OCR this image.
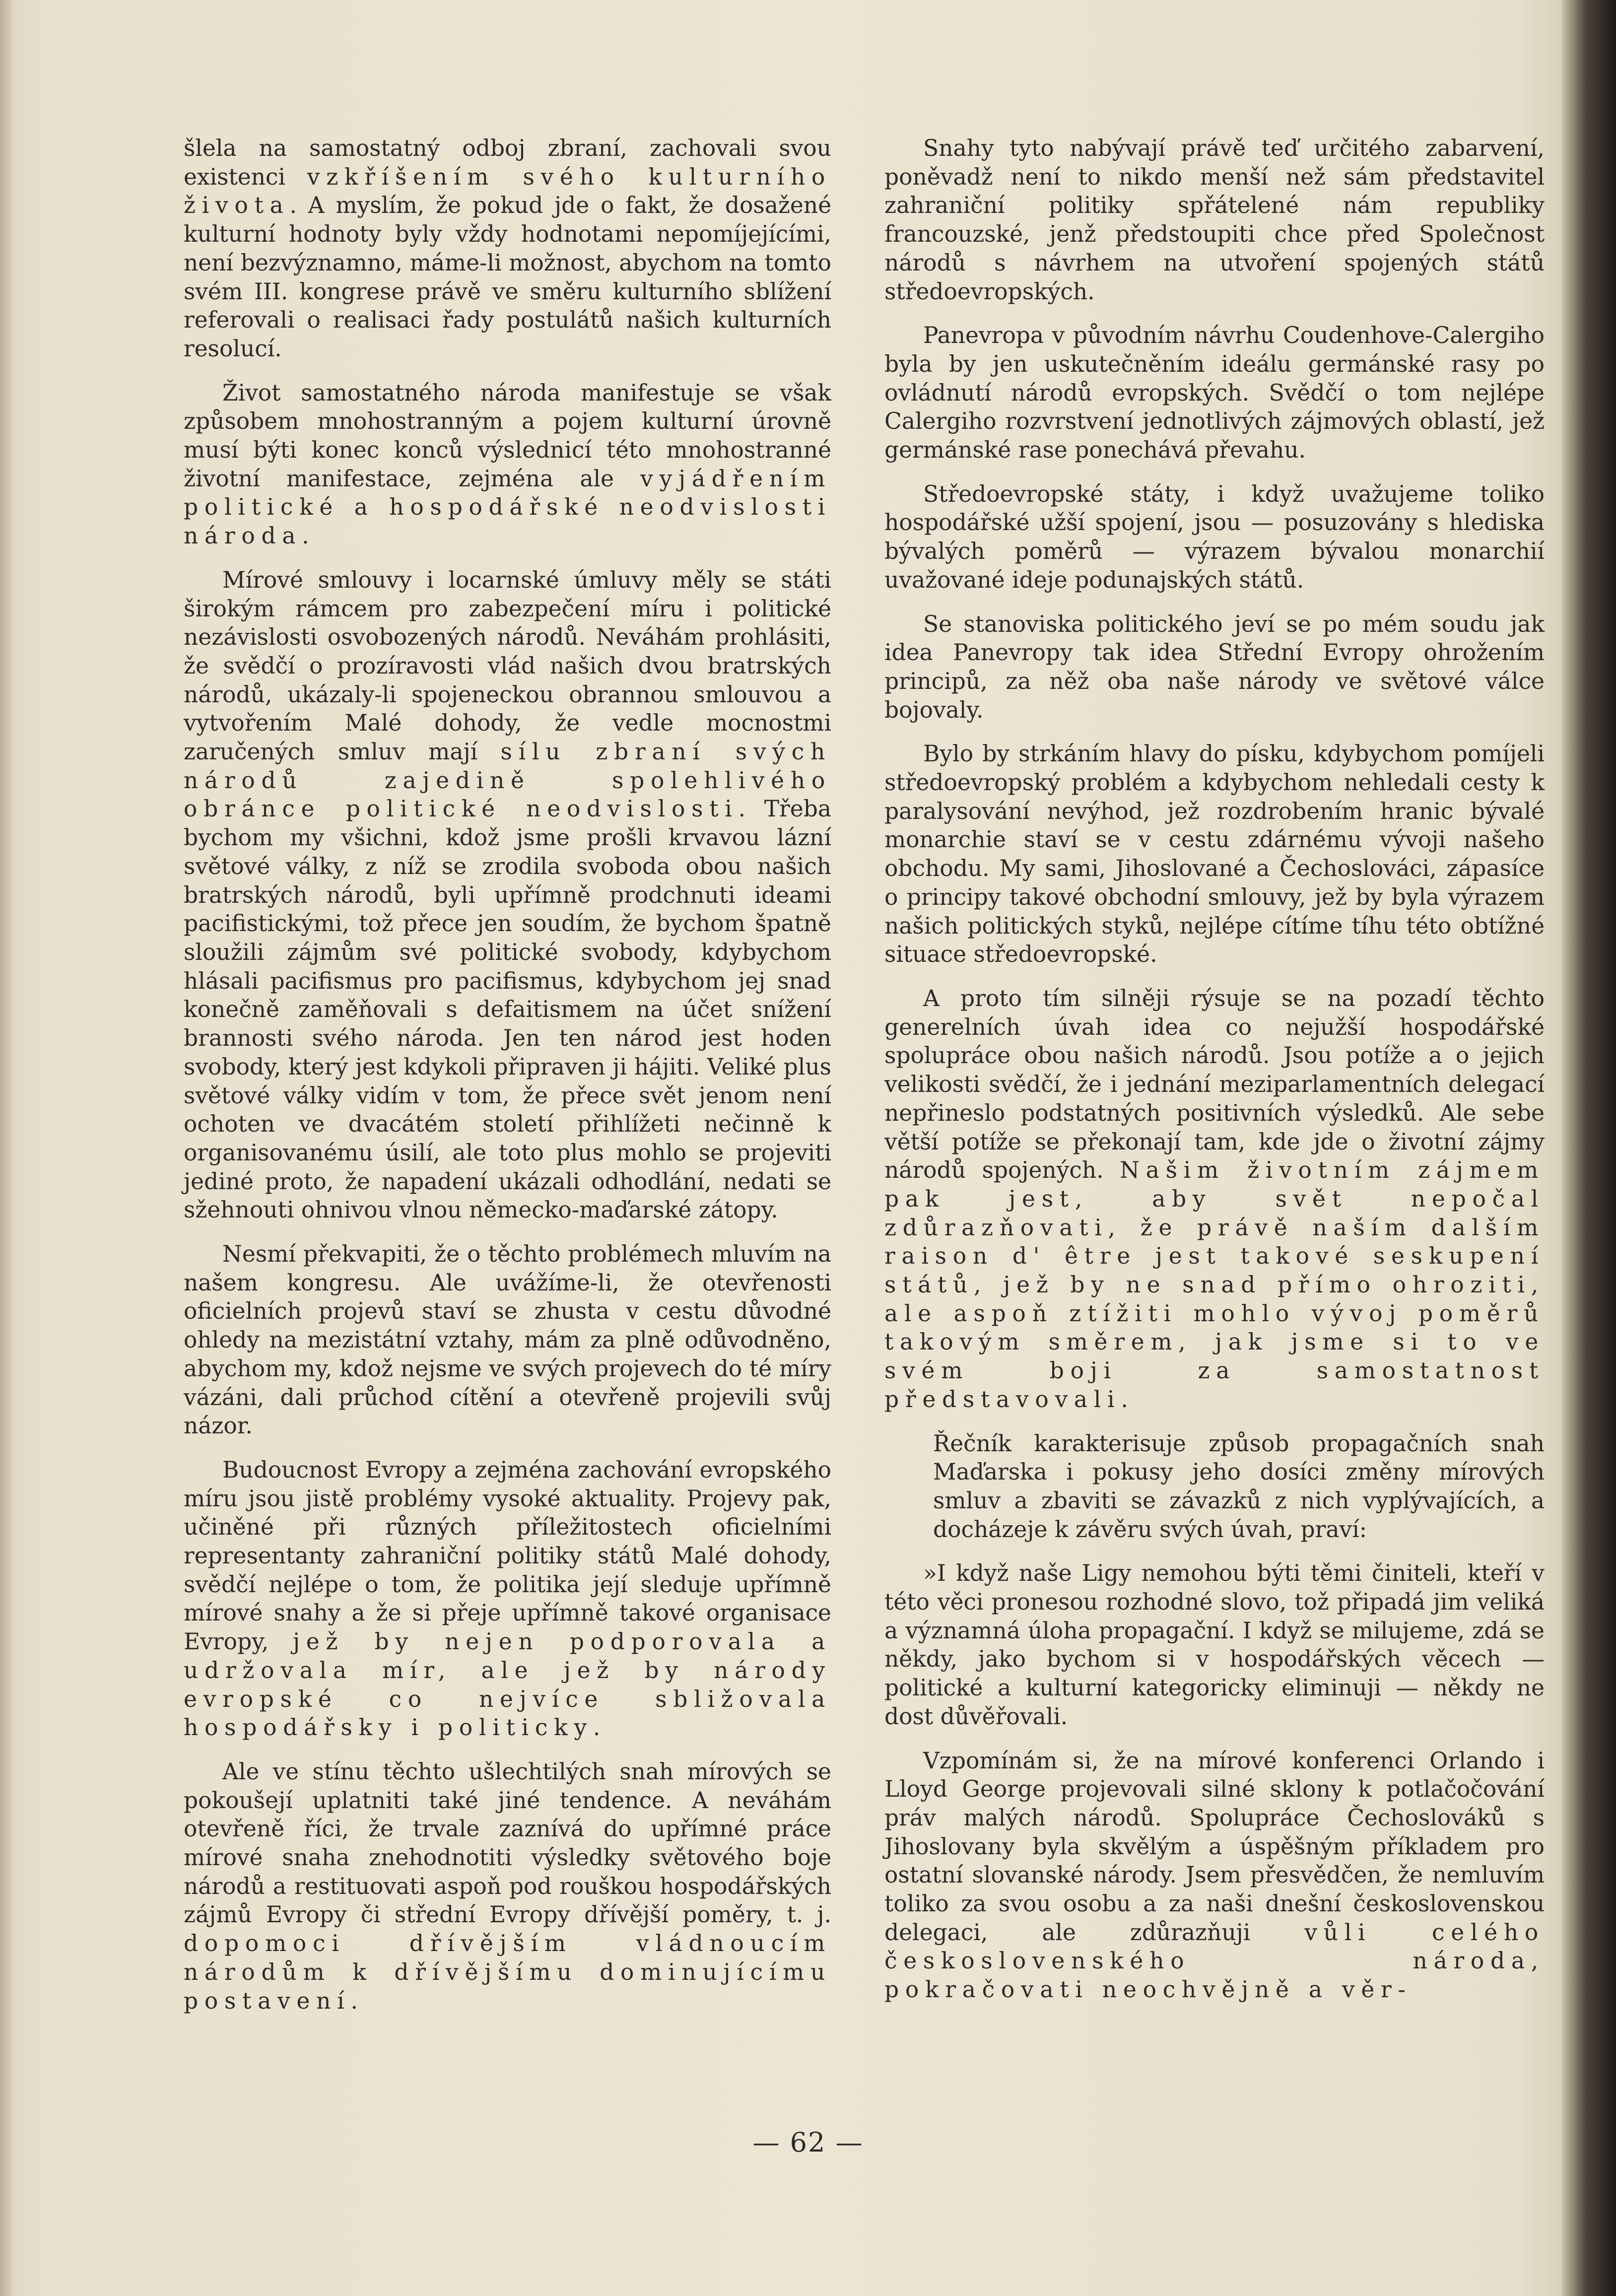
šlela na samostatný odboj zbraní, zachovali svou existenci vzkříšením svého kulturního života. A myslím, že pokud jde o fakt, že dosažené kulturní hodnoty byly vždy hodnotami nepomíjejícími, není bezvýznamno, máme-li možnost, abychom na tomto svém III. kongrese právě ve směru kulturního sblížení referovali o realisaci řady postulátů našich kulturních resolucí.

Život samostatného národa manifestuje se však způsobem mnohostranným a pojem kulturní úrovně musí býti konec konců výslednicí této mnohostranné životní manifestace, zejména ale vyjádřením politické a hospodářské neodvislosti národa.

Mírové smlouvy i locarnské úmluvy měly se státi širokým rámcem pro zabezpečení míru i politické nezávislosti osvobozených národů. Neváhám prohlásiti, že svědčí o prozíravosti vlád našich dvou bratrských národů, ukázaly-li spojeneckou obrannou smlouvou a vytvořením Malé dohody, že vedle mocnostmi zaručených smluv mají sílu zbraní svých národů zajedině spolehlivého obránce politické neodvislosti. Třeba bychom my všichni, kdož jsme prošli krvavou lázní světové války, z níž se zrodila svoboda obou našich bratrských národů, byli upřímně prodchnuti ideami pacifistickými, tož přece jen soudím, že bychom špatně sloužili zájmům své politické svobody, kdybychom hlásali pacifismus pro pacifismus, kdybychom jej snad konečně zaměňovali s defaitismem na účet snížení brannosti svého národa. Jen ten národ jest hoden svobody, který jest kdykoli připraven ji hájiti. Veliké plus světové války vidím v tom, že přece svět jenom není ochoten ve dvacátém století přihlížeti nečinně k organisovanému úsilí, ale toto plus mohlo se projeviti jediné proto, že napadení ukázali odhodlání, nedati se sžehnouti ohnivou vlnou německo-maďarské zátopy.

Nesmí překvapiti, že o těchto problémech mluvím na našem kongresu. Ale uvážíme-li, že otevřenosti oficielních projevů staví se zhusta v cestu důvodné ohledy na mezistátní vztahy, mám za plně odůvodněno, abychom my, kdož nejsme ve svých projevech do té míry vázáni, dali průchod cítění a otevřeně projevili svůj názor.

Budoucnost Evropy a zejména zachování evropského míru jsou jistě problémy vysoké aktuality. Projevy pak, učiněné při různých příležitostech oficielními representanty zahraniční politiky států Malé dohody, svědčí nejlépe o tom, že politika její sleduje upřímně mírové snahy a že si přeje upřímně takové organisace Evropy, jež by nejen podporovala a udržovala mír, ale jež by národy evropské co nejvíce sbližovala hospodářsky i politicky.

Ale ve stínu těchto ušlechtilých snah mírových se pokoušejí uplatniti také jiné tendence. A neváhám otevřeně říci, že trvale zaznívá do upřímné práce mírové snaha znehodnotiti výsledky světového boje národů a restituovati aspoň pod rouškou hospodářských zájmů Evropy či střední Evropy dřívější poměry, t. j. dopomoci dřívějším vládnoucím národům k dřívějšímu dominujícímu postavení.

Snahy tyto nabývají právě teď určitého zabarvení, poněvadž není to nikdo menší než sám představitel zahraniční politiky spřátelené nám republiky francouzské, jenž předstoupiti chce před Společnost národů s návrhem na utvoření spojených států středoevropských.

Panevropa v původním návrhu Coudenhove-Calergiho byla by jen uskutečněním ideálu germánské rasy po ovládnutí národů evropských. Svědčí o tom nejlépe Calergiho rozvrstvení jednotlivých zájmových oblastí, jež germánské rase ponechává převahu.

Středoevropské státy, i když uvažujeme toliko hospodářské užší spojení, jsou — posuzovány s hlediska bývalých poměrů — výrazem bývalou monarchií uvažované ideje podunajských států.

Se stanoviska politického jeví se po mém soudu jak idea Panevropy tak idea Střední Evropy ohrožením principů, za něž oba naše národy ve světové válce bojovaly.

Bylo by strkáním hlavy do písku, kdybychom pomíjeli středoevropský problém a kdybychom nehledali cesty k paralysování nevýhod, jež rozdrobením hranic bývalé monarchie staví se v cestu zdárnému vývoji našeho obchodu. My sami, Jihoslované a Čechoslováci, zápasíce o principy takové obchodní smlouvy, jež by byla výrazem našich politických styků, nejlépe cítíme tíhu této obtížné situace středoevropské.

A proto tím silněji rýsuje se na pozadí těchto generelních úvah idea co nejužší hospodářské spolupráce obou našich národů. Jsou potíže a o jejich velikosti svědčí, že i jednání meziparlamentních delegací nepřineslo podstatných positivních výsledků. Ale sebe větší potíže se překonají tam, kde jde o životní zájmy národů spojených. Našim životním zájmem pak jest, aby svět nepočal zdůrazňovati, že právě naším dalším raison d' être jest takové seskupení států, jež by ne snad přímo ohroziti, ale aspoň ztížiti mohlo vývoj poměrů takovým směrem, jak jsme si to ve svém boji za samostatnost představovali.

Řečník karakterisuje způsob propagačních snah Maďarska i pokusy jeho dosíci změny mírových smluv a zbaviti se závazků z nich vyplývajících, a docházeje k závěru svých úvah, praví:

»I když naše Ligy nemohou býti těmi činiteli, kteří v této věci pronesou rozhodné slovo, tož připadá jim veliká a významná úloha propagační. I když se milujeme, zdá se někdy, jako bychom si v hospodářských věcech — politické a kulturní kategoricky eliminuji — někdy ne dost důvěřovali.

Vzpomínám si, že na mírové konferenci Orlando i Lloyd George projevovali silné sklony k potlačočování práv malých národů. Spolupráce Čechoslováků s Jihoslovany byla skvělým a úspěšným příkladem pro ostatní slovanské národy. Jsem přesvědčen, že nemluvím toliko za svou osobu a za naši dnešní československou delegaci, ale zdůrazňuji vůli celého československého národa, pokračovati neochvějně a věr-

— 62 —
